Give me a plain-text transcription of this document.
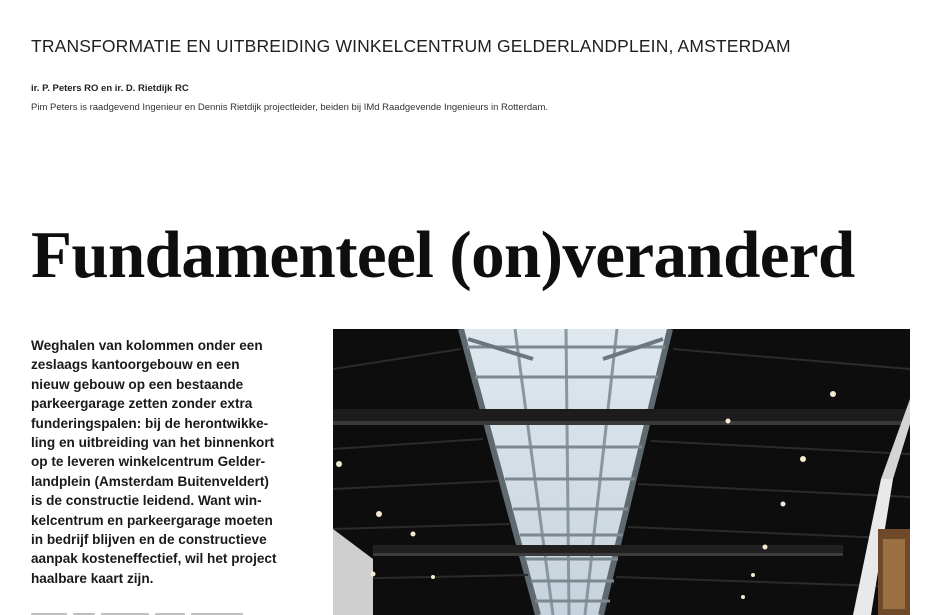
TRANSFORMATIE EN UITBREIDING WINKELCENTRUM GELDERLANDPLEIN, AMSTERDAM
ir. P. Peters RO en ir. D. Rietdijk RC
Pim Peters is raadgevend Ingenieur en Dennis Rietdijk projectleider, beiden bij IMd Raadgevende Ingenieurs in Rotterdam.
Fundamenteel (on)veranderd

Weghalen van kolommen onder een
zeslaags kantoorgebouw en een
nieuw gebouw op een bestaande
parkeergarage zetten zonder extra
funderingspalen: bij de herontwikke-
ling en uitbreiding van het binnenkort
op te leveren winkelcentrum Gelder-
landplein (Amsterdam Buitenveldert)
is de constructie leidend. Want win-
kelcentrum en parkeergarage moeten
in bedrijf blijven en de constructieve
aanpak kosteneffectief, wil het project
haalbare kaart zijn.
